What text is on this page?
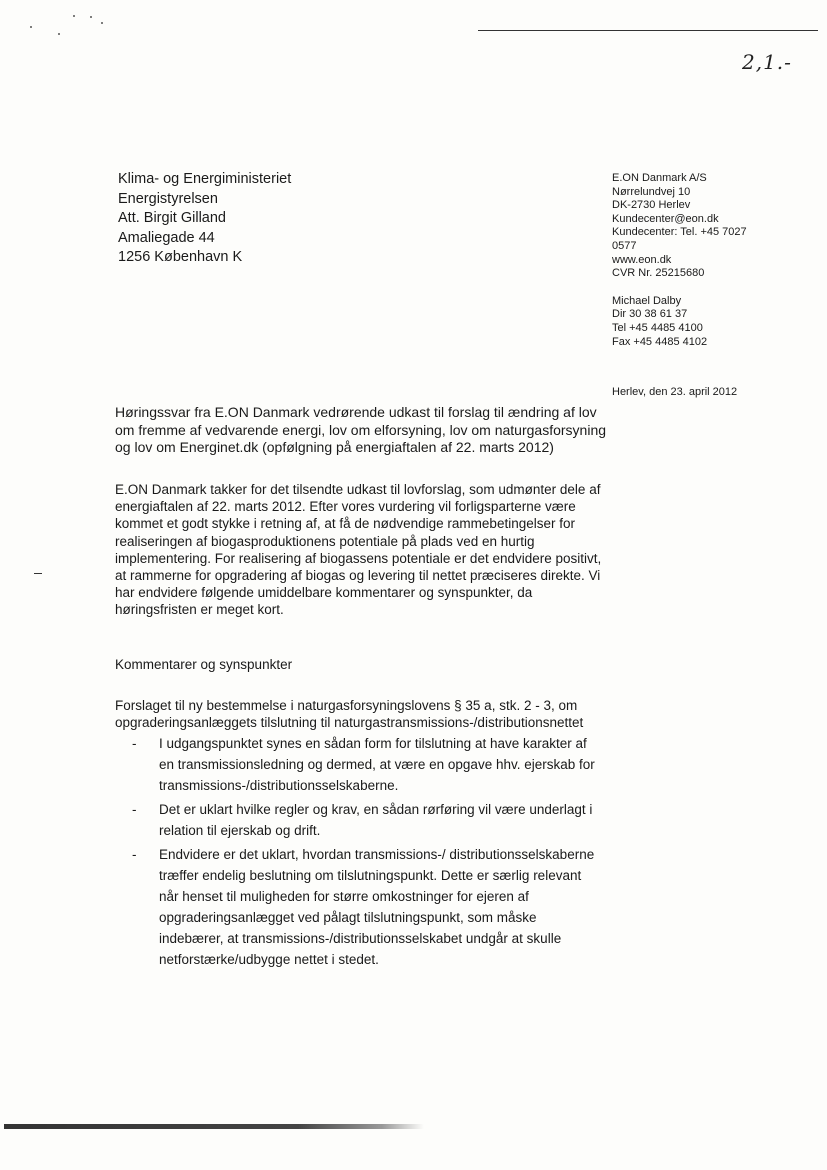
2,1.-
Klima- og Energiministeriet
Energistyrelsen
Att. Birgit Gilland
Amaliegade 44
1256 København K
E.ON Danmark A/S
Nørrelundvej 10
DK-2730 Herlev
Kundecenter@eon.dk
Kundecenter: Tel. +45 7027
0577
www.eon.dk
CVR Nr. 25215680
Michael Dalby
Dir 30 38 61 37
Tel +45 4485 4100
Fax +45 4485 4102
Herlev, den 23. april 2012
Høringssvar fra E.ON Danmark vedrørende udkast til forslag til ændring af lov om fremme af vedvarende energi, lov om elforsyning, lov om naturgasforsyning og lov om Energinet.dk (opfølgning på energiaftalen af 22. marts 2012)
E.ON Danmark takker for det tilsendte udkast til lovforslag, som udmønter dele af energiaftalen af 22. marts 2012. Efter vores vurdering vil forligsparterne være kommet et godt stykke i retning af, at få de nødvendige rammebetingelser for realiseringen af biogasproduktionens potentiale på plads ved en hurtig implementering. For realisering af biogassens potentiale er det endvidere positivt, at rammerne for opgradering af biogas og levering til nettet præciseres direkte. Vi har endvidere følgende umiddelbare kommentarer og synspunkter, da høringsfristen er meget kort.
Kommentarer og synspunkter
Forslaget til ny bestemmelse i naturgasforsyningslovens § 35 a, stk. 2 - 3, om opgraderingsanlæggets tilslutning til naturgastransmissions-/distributionsnettet
- I udgangspunktet synes en sådan form for tilslutning at have karakter af en transmissionsledning og dermed, at være en opgave hhv. ejerskab for transmissions-/distributionsselskaberne.
- Det er uklart hvilke regler og krav, en sådan rørføring vil være underlagt i relation til ejerskab og drift.
- Endvidere er det uklart, hvordan transmissions-/ distributionsselskaberne træffer endelig beslutning om tilslutningspunkt. Dette er særlig relevant når henset til muligheden for større omkostninger for ejeren af opgraderingsanlægget ved pålagt tilslutningspunkt, som måske indebærer, at transmissions-/distributionsselskabet undgår at skulle netforstærke/udbygge nettet i stedet.
